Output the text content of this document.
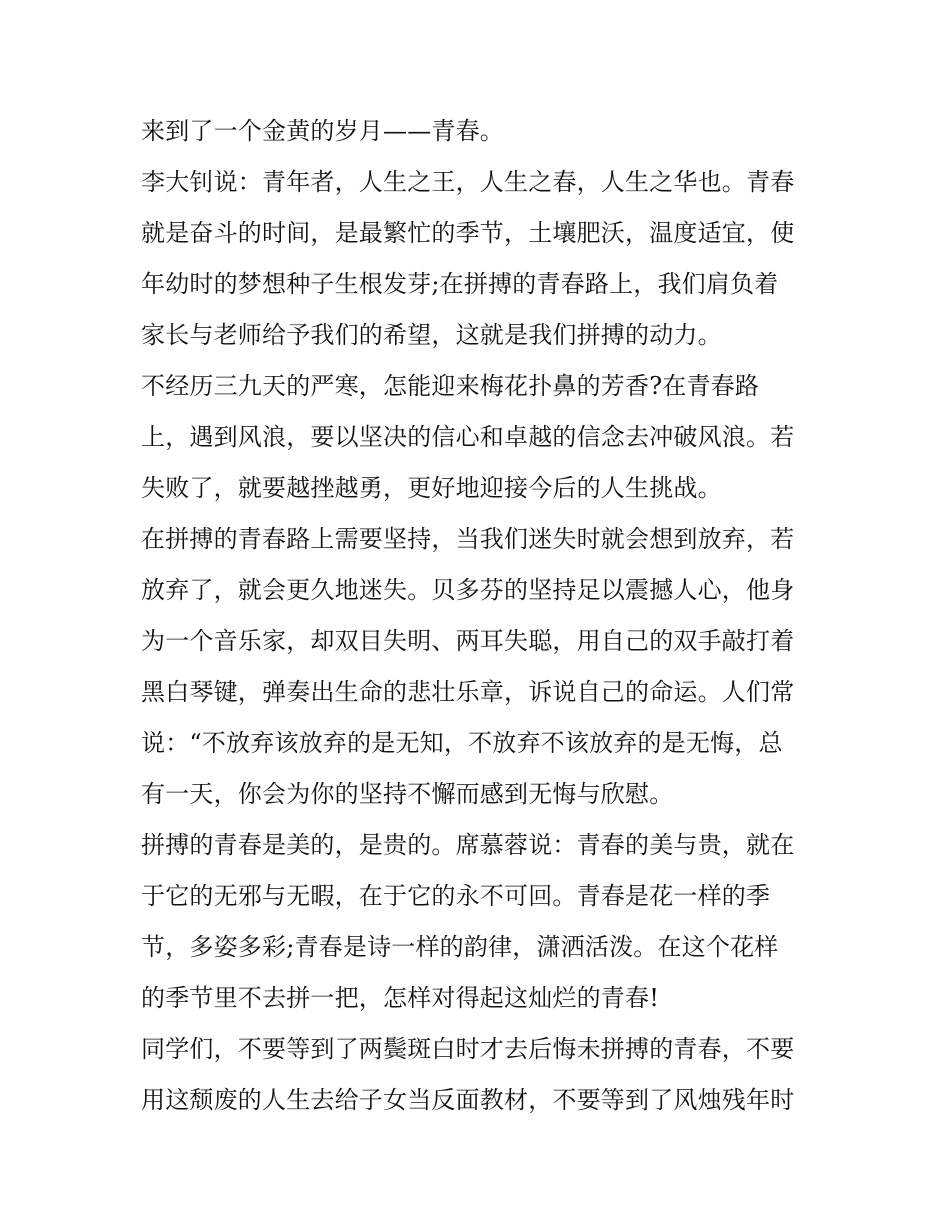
来到了一个金黄的岁月——青春。
李大钊说：青年者，人生之王，人生之春，人生之华也。青春
就是奋斗的时间，是最繁忙的季节，土壤肥沃，温度适宜，使
年幼时的梦想种子生根发芽;在拼搏的青春路上，我们肩负着
家长与老师给予我们的希望，这就是我们拼搏的动力。
不经历三九天的严寒，怎能迎来梅花扑鼻的芳香?在青春路
上，遇到风浪，要以坚决的信心和卓越的信念去冲破风浪。若
失败了，就要越挫越勇，更好地迎接今后的人生挑战。
在拼搏的青春路上需要坚持，当我们迷失时就会想到放弃，若
放弃了，就会更久地迷失。贝多芬的坚持足以震撼人心，他身
为一个音乐家，却双目失明、两耳失聪，用自己的双手敲打着
黑白琴键，弹奏出生命的悲壮乐章，诉说自己的命运。人们常
说：“不放弃该放弃的是无知，不放弃不该放弃的是无悔，总
有一天，你会为你的坚持不懈而感到无悔与欣慰。
拼搏的青春是美的，是贵的。席慕蓉说：青春的美与贵，就在
于它的无邪与无暇，在于它的永不可回。青春是花一样的季
节，多姿多彩;青春是诗一样的韵律，潇洒活泼。在这个花样
的季节里不去拼一把，怎样对得起这灿烂的青春!
同学们，不要等到了两鬓斑白时才去后悔未拼搏的青春，不要
用这颓废的人生去给子女当反面教材，不要等到了风烛残年时
